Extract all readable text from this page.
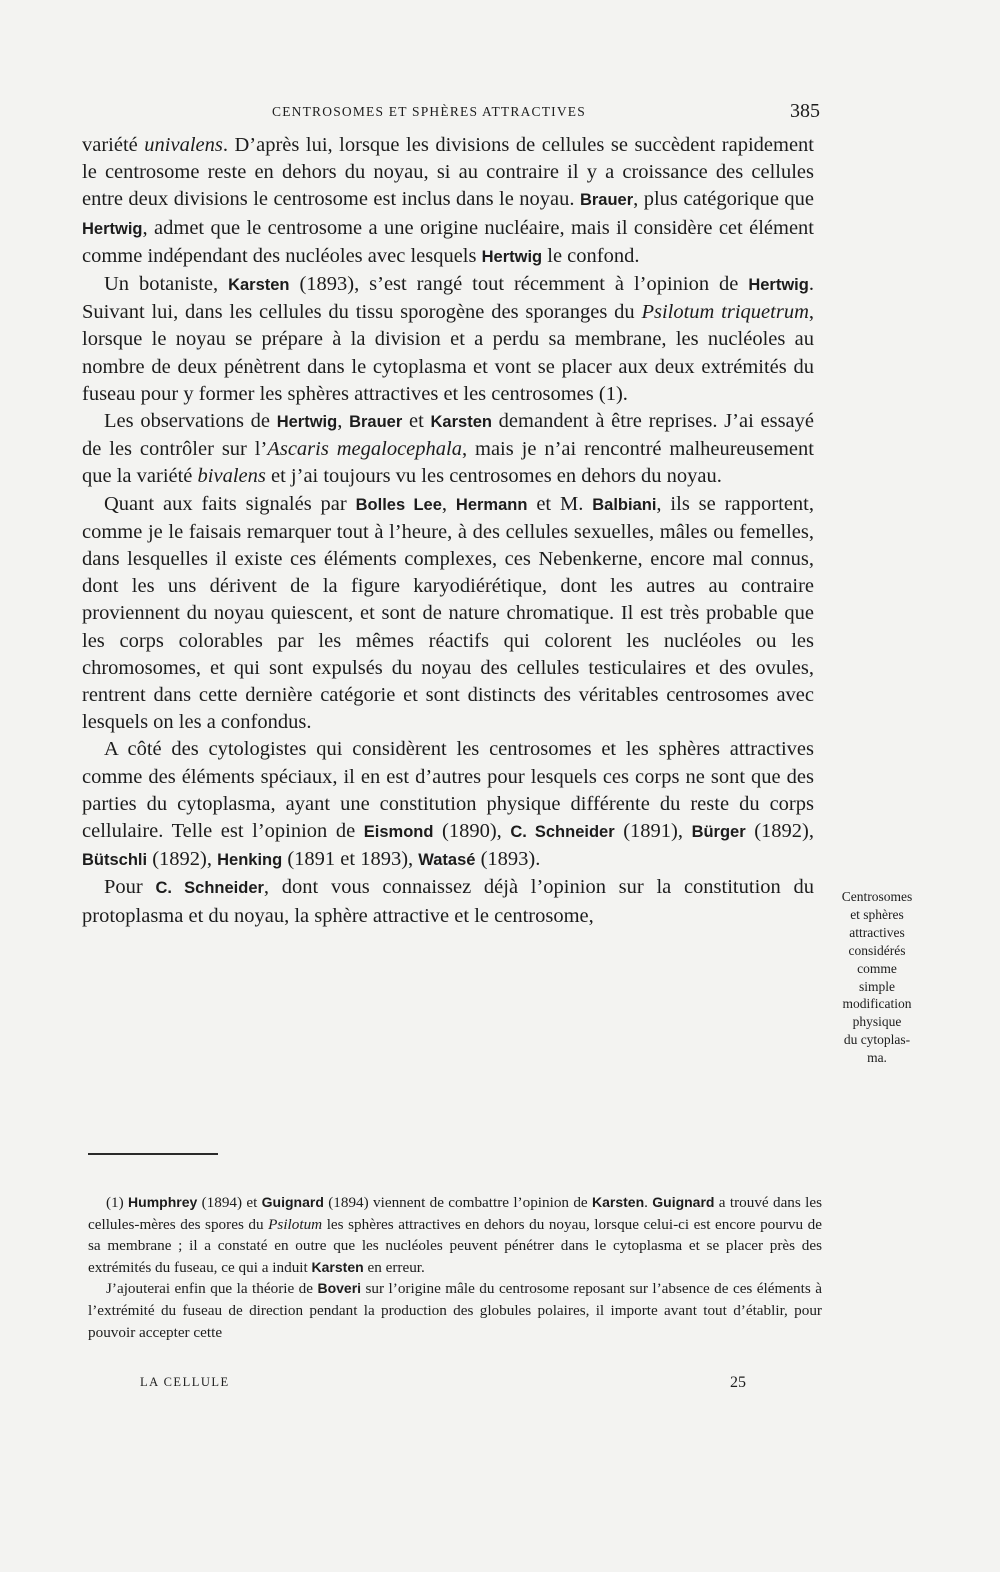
CENTROSOMES ET SPHÈRES ATTRACTIVES	385

variété univalens. D’après lui, lorsque les divisions de cellules se succèdent rapidement le centrosome reste en dehors du noyau, si au contraire il y a croissance des cellules entre deux divisions le centrosome est inclus dans le noyau. Brauer, plus catégorique que Hertwig, admet que le centrosome a une origine nucléaire, mais il considère cet élément comme indépendant des nucléoles avec lesquels Hertwig le confond.

Un botaniste, Karsten (1893), s’est rangé tout récemment à l’opinion de Hertwig. Suivant lui, dans les cellules du tissu sporogène des sporanges du Psilotum triquetrum, lorsque le noyau se prépare à la division et a perdu sa membrane, les nucléoles au nombre de deux pénètrent dans le cytoplasma et vont se placer aux deux extrémités du fuseau pour y former les sphères attractives et les centrosomes (1).

Les observations de Hertwig, Brauer et Karsten demandent à être reprises. J’ai essayé de les contrôler sur l’Ascaris megalocephala, mais je n’ai rencontré malheureusement que la variété bivalens et j’ai toujours vu les centrosomes en dehors du noyau.

Quant aux faits signalés par Bolles Lee, Hermann et M. Balbiani, ils se rapportent, comme je le faisais remarquer tout à l’heure, à des cellules sexuelles, mâles ou femelles, dans lesquelles il existe ces éléments complexes, ces Nebenkerne, encore mal connus, dont les uns dérivent de la figure karyodiérétique, dont les autres au contraire proviennent du noyau quiescent, et sont de nature chromatique. Il est très probable que les corps colorables par les mêmes réactifs qui colorent les nucléoles ou les chromosomes, et qui sont expulsés du noyau des cellules testiculaires et des ovules, rentrent dans cette dernière catégorie et sont distincts des véritables centrosomes avec lesquels on les a confondus.

A côté des cytologistes qui considèrent les centrosomes et les sphères attractives comme des éléments spéciaux, il en est d’autres pour lesquels ces corps ne sont que des parties du cytoplasma, ayant une constitution physique différente du reste du corps cellulaire. Telle est l’opinion de Eismond (1890), C. Schneider (1891), Bürger (1892), Bütschli (1892), Henking (1891 et 1893), Watasé (1893).

Pour C. Schneider, dont vous connaissez déjà l’opinion sur la constitution du protoplasma et du noyau, la sphère attractive et le centrosome,

Centrosomes
et sphères
attractives
considérés
comme
simple
modification
physique
du cytoplas-
ma.

(1) Humphrey (1894) et Guignard (1894) viennent de combattre l’opinion de Karsten. Guignard a trouvé dans les cellules-mères des spores du Psilotum les sphères attractives en dehors du noyau, lorsque celui-ci est encore pourvu de sa membrane ; il a constaté en outre que les nucléoles peuvent pénétrer dans le cytoplasma et se placer près des extrémités du fuseau, ce qui a induit Karsten en erreur.

J’ajouterai enfin que la théorie de Boveri sur l’origine mâle du centrosome reposant sur l’absence de ces éléments à l’extrémité du fuseau de direction pendant la production des globules polaires, il importe avant tout d’établir, pour pouvoir accepter cette

LA CELLULE	25
